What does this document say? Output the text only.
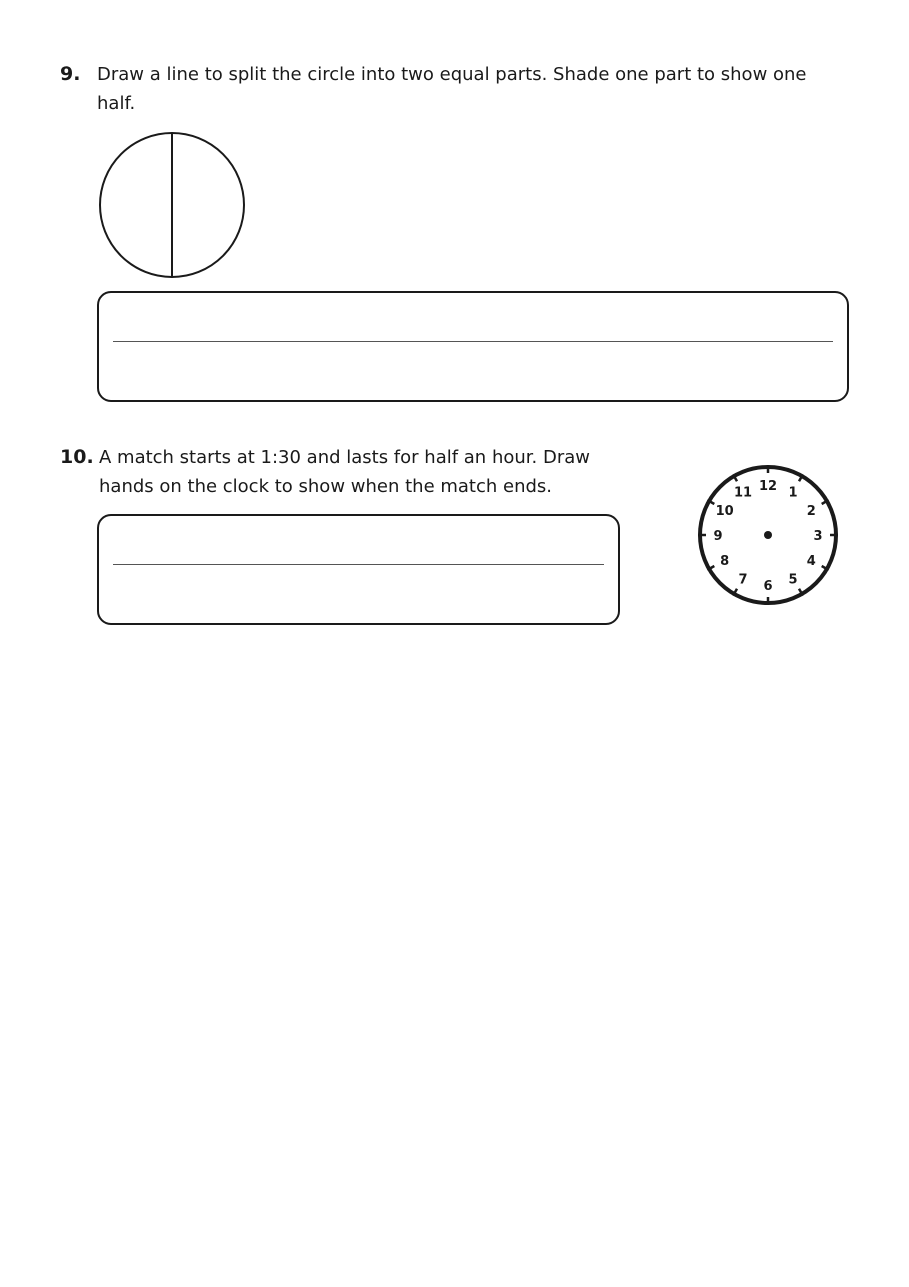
9. Draw a line to split the circle into two equal parts. Shade one part to show one
half.
10. A match starts at 1:30 and lasts for half an hour. Draw
hands on the clock to show when the match ends.	12 1
2
3
4
5
6
7
8
9
10
11
